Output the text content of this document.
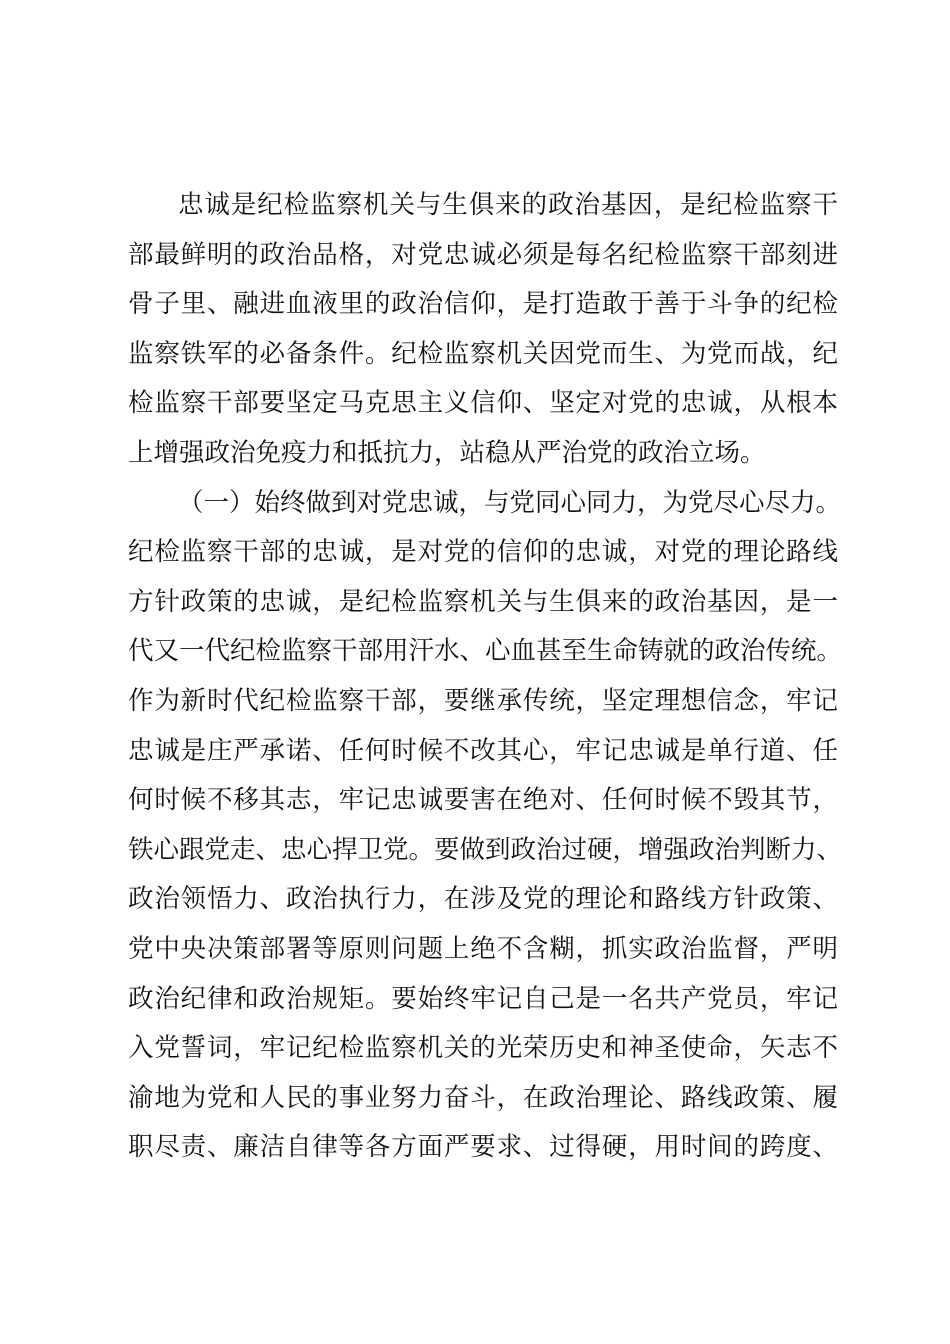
忠诚是纪检监察机关与生俱来的政治基因，是纪检监察干
部最鲜明的政治品格，对党忠诚必须是每名纪检监察干部刻进
骨子里、融进血液里的政治信仰，是打造敢于善于斗争的纪检
监察铁军的必备条件。纪检监察机关因党而生、为党而战，纪
检监察干部要坚定马克思主义信仰、坚定对党的忠诚，从根本
上增强政治免疫力和抵抗力，站稳从严治党的政治立场。
（一）始终做到对党忠诚，与党同心同力，为党尽心尽力。
纪检监察干部的忠诚，是对党的信仰的忠诚，对党的理论路线
方针政策的忠诚，是纪检监察机关与生俱来的政治基因，是一
代又一代纪检监察干部用汗水、心血甚至生命铸就的政治传统。
作为新时代纪检监察干部，要继承传统，坚定理想信念，牢记
忠诚是庄严承诺、任何时候不改其心，牢记忠诚是单行道、任
何时候不移其志，牢记忠诚要害在绝对、任何时候不毁其节，
铁心跟党走、忠心捍卫党。要做到政治过硬，增强政治判断力、
政治领悟力、政治执行力，在涉及党的理论和路线方针政策、
党中央决策部署等原则问题上绝不含糊，抓实政治监督，严明
政治纪律和政治规矩。要始终牢记自己是一名共产党员，牢记
入党誓词，牢记纪检监察机关的光荣历史和神圣使命，矢志不
渝地为党和人民的事业努力奋斗，在政治理论、路线政策、履
职尽责、廉洁自律等各方面严要求、过得硬，用时间的跨度、
